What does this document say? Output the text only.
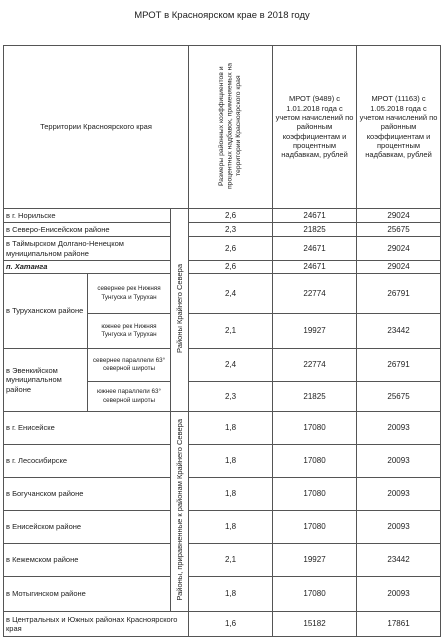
МРОТ в Красноярском крае в 2018 году
Территории Красноярского края			Размеры районных коэффициентов и процентных надбавок, применяемых на территории Красноярского края	МРОТ (9489) с 1.01.2018 года с учетом начислений по районным коэффициентам и процентным надбавкам, рублей	МРОТ (11163) с 1.05.2018 года с учетом начислений по районным коэффициентам и процентным надбавкам, рублей
в г. Норильске		Районы Крайнего Севера	2,6	24671	29024
в Северо-Енисейском районе			2,3	21825	25675
в Таймырском Долгано-Ненецком муниципальном районе			2,6	24671	29024
п. Хатанга			2,6	24671	29024
в Туруханском районе	севернее рек Нижняя Тунгуска и Турухан		2,4	22774	26791
	южнее рек Нижняя Тунгуска и Турухан		2,1	19927	23442
в Эвенкийском муниципальном районе	севернее параллели 63° северной широты		2,4	22774	26791
	южнее параллели 63° северной широты		2,3	21825	25675
в г. Енисейске		Районы, приравненные к районам Крайнего Севера	1,8	17080	20093
в г. Лесосибирске			1,8	17080	20093
в Богучанском районе			1,8	17080	20093
в Енисейском районе			1,8	17080	20093
в Кежемском районе			2,1	19927	23442
в Мотыгинском районе			1,8	17080	20093
в Центральных и Южных районах Красноярского края			1,6	15182	17861
